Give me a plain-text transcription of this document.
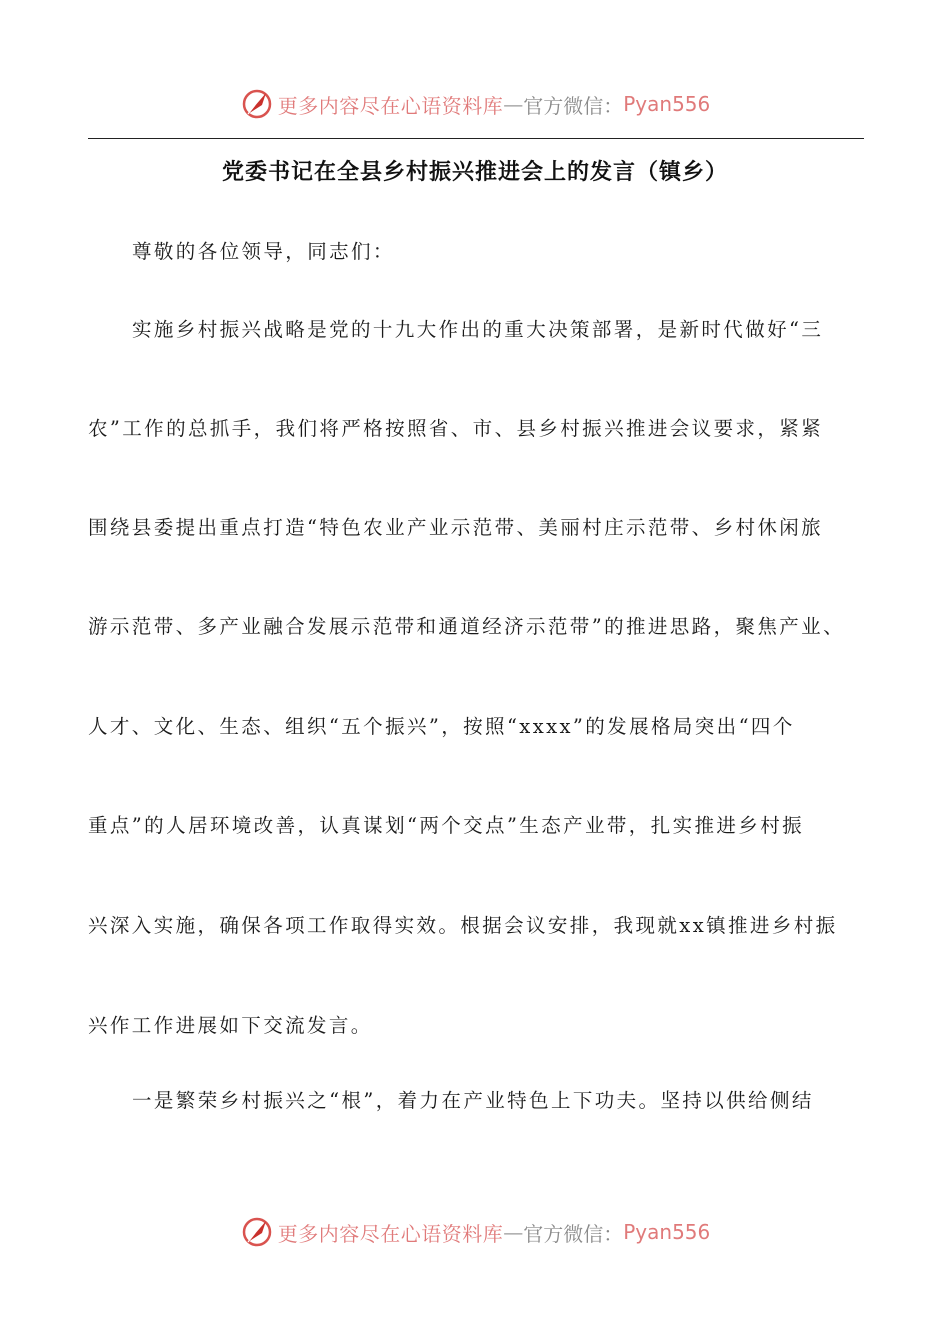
更多内容尽在心语资料库 — 官方微信： Pyan556
党委书记在全县乡村振兴推进会上的发言（镇乡）
尊敬的各位领导，同志们：
实施乡村振兴战略是党的十九大作出的重大决策部署，是新时代做好“三
农”工作的总抓手，我们将严格按照省、市、县乡村振兴推进会议要求，紧紧
围绕县委提出重点打造“特色农业产业示范带、美丽村庄示范带、乡村休闲旅
游示范带、多产业融合发展示范带和通道经济示范带”的推进思路，聚焦产业、
人才、文化、生态、组织“五个振兴”，按照“xxxx”的发展格局突出“四个
重点”的人居环境改善，认真谋划“两个交点”生态产业带，扎实推进乡村振
兴深入实施，确保各项工作取得实效。根据会议安排，我现就xx镇推进乡村振
兴作工作进展如下交流发言。
一是繁荣乡村振兴之“根”，着力在产业特色上下功夫。坚持以供给侧结
更多内容尽在心语资料库 — 官方微信： Pyan556
